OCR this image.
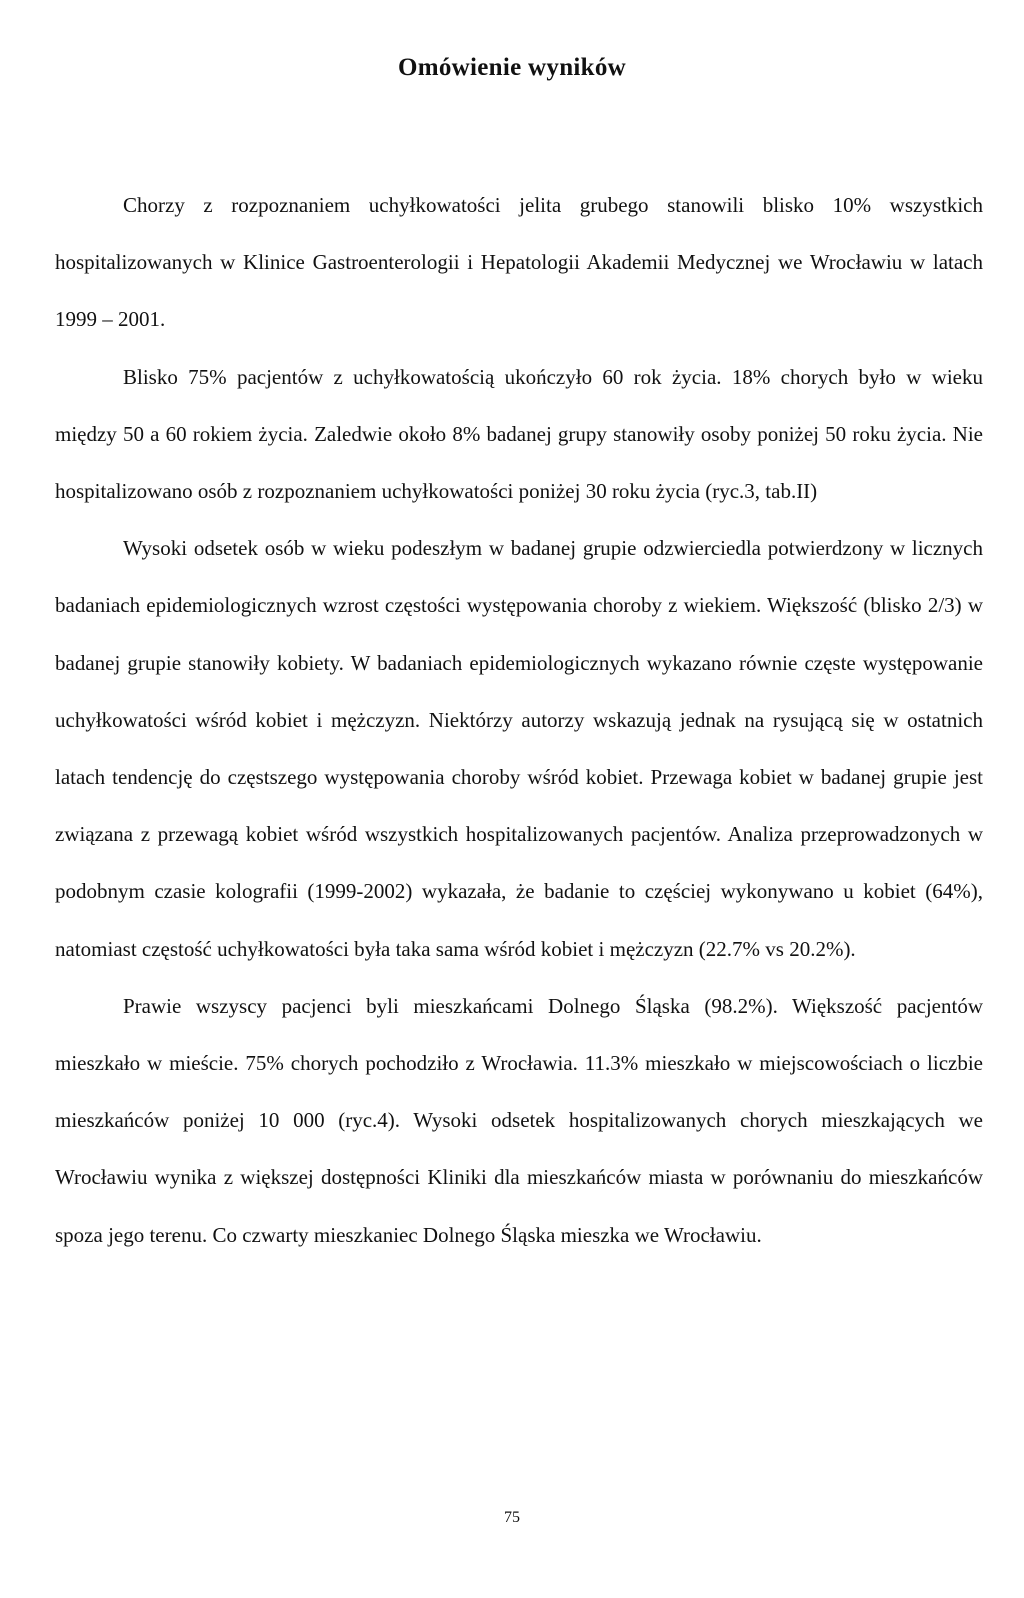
Omówienie wyników

Chorzy z rozpoznaniem uchyłkowatości jelita grubego stanowili blisko 10% wszystkich hospitalizowanych w Klinice Gastroenterologii i Hepatologii Akademii Medycznej we Wrocławiu w latach 1999 – 2001.

Blisko 75% pacjentów z uchyłkowatością ukończyło 60 rok życia. 18% chorych było w wieku między 50 a 60 rokiem życia. Zaledwie około 8% badanej grupy stanowiły osoby poniżej 50 roku życia. Nie hospitalizowano osób z rozpoznaniem uchyłkowatości poniżej 30 roku życia (ryc.3, tab.II)

Wysoki odsetek osób w wieku podeszłym w badanej grupie odzwierciedla potwierdzony w licznych badaniach epidemiologicznych wzrost częstości występowania choroby z wiekiem. Większość (blisko 2/3) w badanej grupie stanowiły kobiety. W badaniach epidemiologicznych wykazano równie częste występowanie uchyłkowatości wśród kobiet i mężczyzn. Niektórzy autorzy wskazują jednak na rysującą się w ostatnich latach tendencję do częstszego występowania choroby wśród kobiet. Przewaga kobiet w badanej grupie jest związana z przewagą kobiet wśród wszystkich hospitalizowanych pacjentów. Analiza przeprowadzonych w podobnym czasie kolografii (1999-2002) wykazała, że badanie to częściej wykonywano u kobiet (64%), natomiast częstość uchyłkowatości była taka sama wśród kobiet i mężczyzn (22.7% vs 20.2%).

Prawie wszyscy pacjenci byli mieszkańcami Dolnego Śląska (98.2%). Większość pacjentów mieszkało w mieście. 75% chorych pochodziło z Wrocławia. 11.3% mieszkało w miejscowościach o liczbie mieszkańców poniżej 10 000 (ryc.4). Wysoki odsetek hospitalizowanych chorych mieszkających we Wrocławiu wynika z większej dostępności Kliniki dla mieszkańców miasta w porównaniu do mieszkańców spoza jego terenu. Co czwarty mieszkaniec Dolnego Śląska mieszka we Wrocławiu.

75
